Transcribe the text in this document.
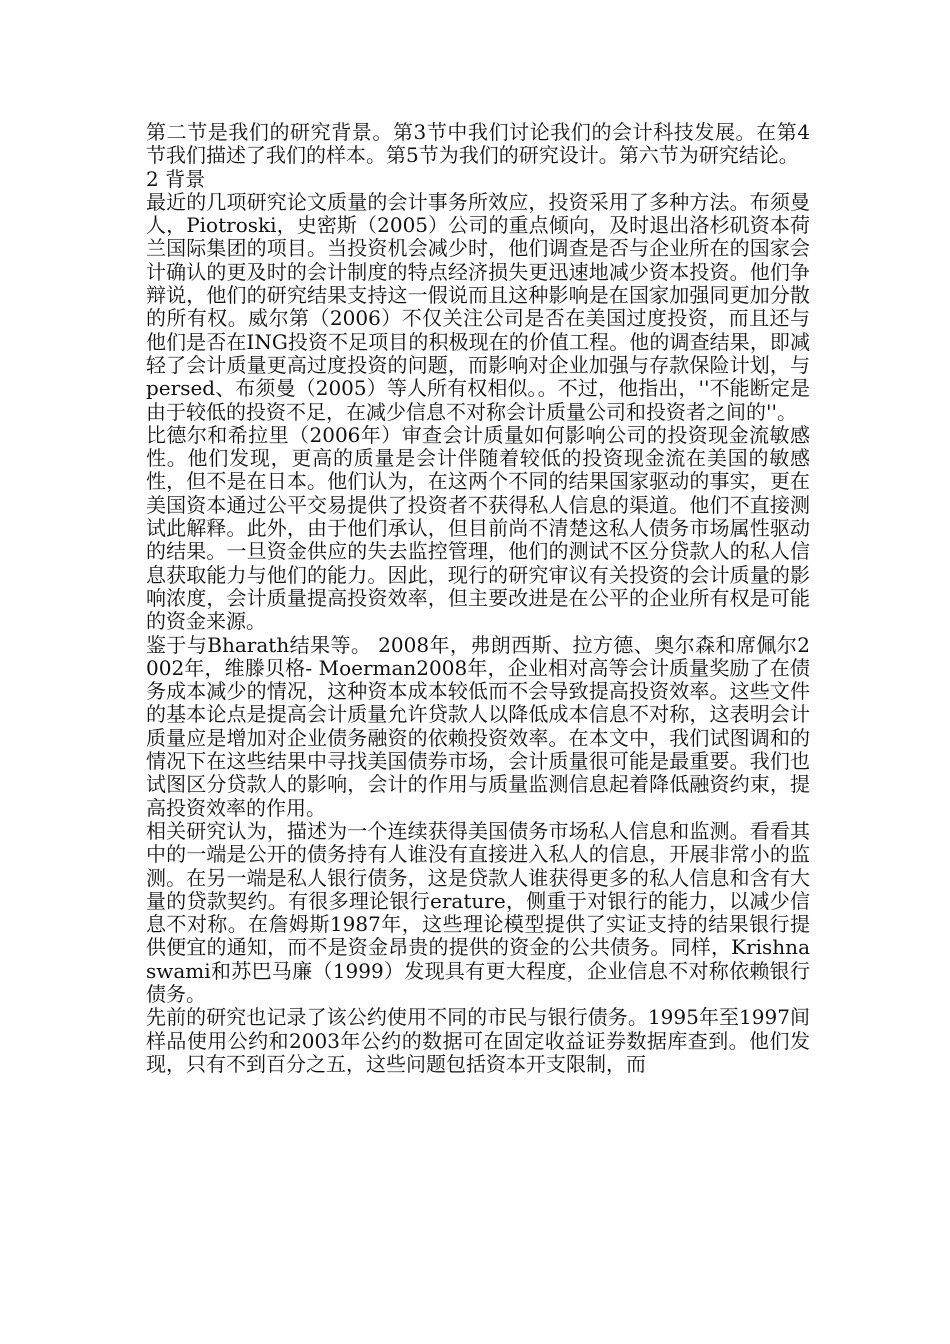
第二节是我们的研究背景。第3节中我们讨论我们的会计科技发展。在第4节我们描述了我们的样本。第5节为我们的研究设计。第六节为研究结论。

2 背景

最近的几项研究论文质量的会计事务所效应，投资采用了多种方法。布须曼人，Piotroski，史密斯（2005）公司的重点倾向，及时退出洛杉矶资本荷兰国际集团的项目。当投资机会减少时，他们调查是否与企业所在的国家会计确认的更及时的会计制度的特点经济损失更迅速地减少资本投资。他们争辩说，他们的研究结果支持这一假说而且这种影响是在国家加强同更加分散的所有权。威尔第（2006）不仅关注公司是否在美国过度投资，而且还与他们是否在ING投资不足项目的积极现在的价值工程。他的调查结果，即减轻了会计质量更高过度投资的问题，而影响对企业加强与存款保险计划，与persed、布须曼（2005）等人所有权相似。。不过，他指出，''不能断定是由于较低的投资不足，在减少信息不对称会计质量公司和投资者之间的''。

比德尔和希拉里（2006年）审查会计质量如何影响公司的投资现金流敏感性。他们发现，更高的质量是会计伴随着较低的投资现金流在美国的敏感性，但不是在日本。他们认为，在这两个不同的结果国家驱动的事实，更在美国资本通过公平交易提供了投资者不获得私人信息的渠道。他们不直接测试此解释。此外，由于他们承认，但目前尚不清楚这私人债务市场属性驱动的结果。一旦资金供应的失去监控管理，他们的测试不区分贷款人的私人信息获取能力与他们的能力。因此，现行的研究审议有关投资的会计质量的影响浓度，会计质量提高投资效率，但主要改进是在公平的企业所有权是可能的资金来源。

鉴于与Bharath结果等。 2008年，弗朗西斯、拉方德、奥尔森和席佩尔2002年，维滕贝格- Moerman2008年，企业相对高等会计质量奖励了在债务成本减少的情况，这种资本成本较低而不会导致提高投资效率。这些文件的基本论点是提高会计质量允许贷款人以降低成本信息不对称，这表明会计质量应是增加对企业债务融资的依赖投资效率。在本文中，我们试图调和的情况下在这些结果中寻找美国债券市场，会计质量很可能是最重要。我们也试图区分贷款人的影响，会计的作用与质量监测信息起着降低融资约束，提高投资效率的作用。

相关研究认为，描述为一个连续获得美国债务市场私人信息和监测。看看其中的一端是公开的债务持有人谁没有直接进入私人的信息，开展非常小的监测。在另一端是私人银行债务，这是贷款人谁获得更多的私人信息和含有大量的贷款契约。有很多理论银行erature，侧重于对银行的能力，以减少信息不对称。在詹姆斯1987年，这些理论模型提供了实证支持的结果银行提供便宜的通知，而不是资金昂贵的提供的资金的公共债务。同样，Krishnaswami和苏巴马廉（1999）发现具有更大程度，企业信息不对称依赖银行债务。

先前的研究也记录了该公约使用不同的市民与银行债务。1995年至1997间样品使用公约和2003年公约的数据可在固定收益证券数据库查到。他们发现，只有不到百分之五，这些问题包括资本开支限制，而
